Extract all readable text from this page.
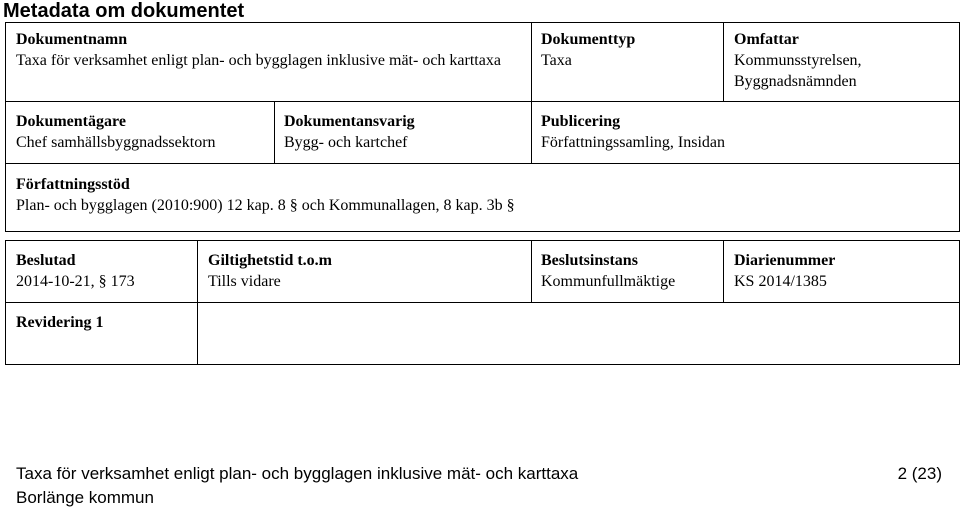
Metadata om dokumentet
Dokumentnamn
Taxa för verksamhet enligt plan- och bygglagen inklusive mät- och karttaxa
Dokumenttyp
Taxa
Omfattar
Kommunsstyrelsen, Byggnadsnämnden
Dokumentägare
Chef samhällsbyggnadssektorn
Dokumentansvarig
Bygg- och kartchef
Publicering
Författningssamling, Insidan
Författningsstöd
Plan- och bygglagen (2010:900) 12 kap. 8 § och Kommunallagen, 8 kap. 3b §
Beslutad
2014-10-21, § 173
Giltighetstid t.o.m
Tills vidare
Beslutsinstans
Kommunfullmäktige
Diarienummer
KS 2014/1385
Revidering 1
Taxa för verksamhet enligt plan- och bygglagen inklusive mät- och karttaxa
Borlänge kommun
2 (23)
